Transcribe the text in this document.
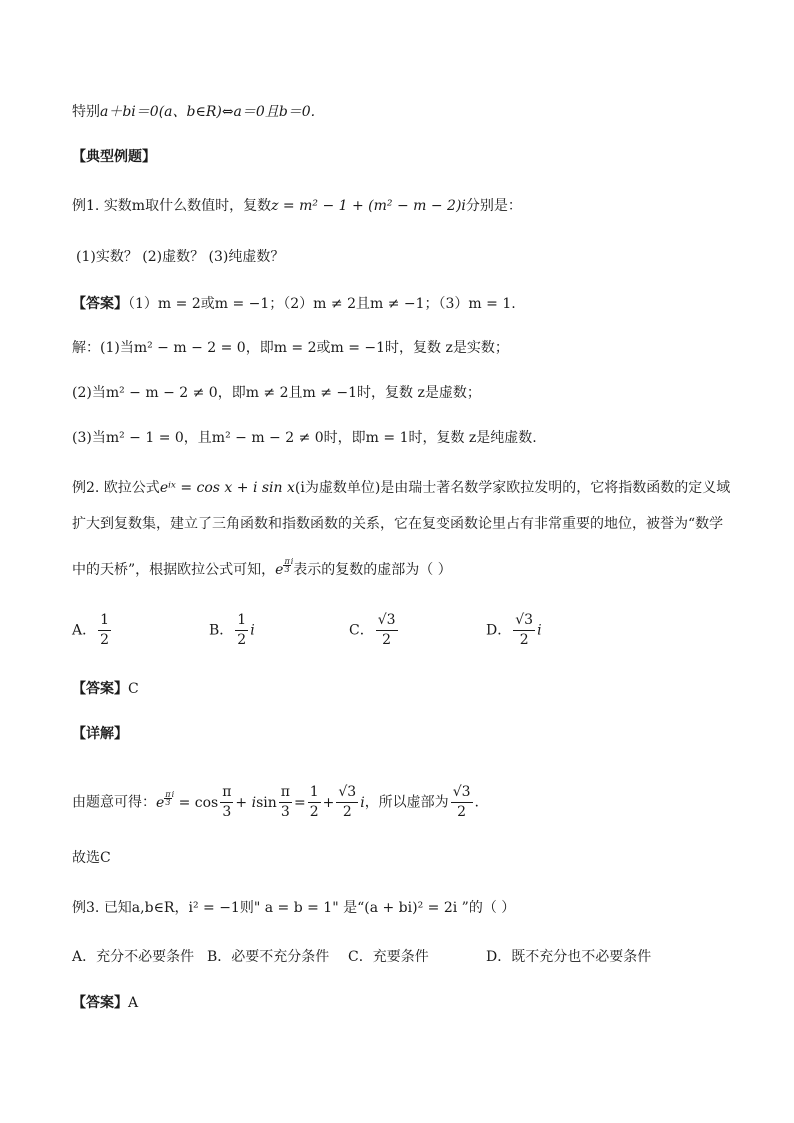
特别a＋bi＝0(a、b∈R)⇔a＝0且b＝0.
【典型例题】
例1. 实数m取什么数值时，复数z = m² − 1 + (m² − m − 2)i分别是：
(1)实数？ (2)虚数？ (3)纯虚数？
【答案】（1）m = 2或m = −1；（2）m ≠ 2且m ≠ −1；（3）m = 1.
解：(1)当m² − m − 2 = 0，即m = 2或m = −1时，复数 z是实数；
(2)当m² − m − 2 ≠ 0，即m ≠ 2且m ≠ −1时，复数 z是虚数；
(3)当m² − 1 = 0，且m² − m − 2 ≠ 0时，即m = 1时，复数 z是纯虚数.
例2. 欧拉公式eⁱˣ = cos x + i sin x(i为虚数单位)是由瑞士著名数学家欧拉发明的，它将指数函数的定义域
扩大到复数集，建立了三角函数和指数函数的关系，它在复变函数论里占有非常重要的地位，被誉为“数学
中的天桥”，根据欧拉公式可知，e $\frac{\pi}{3} ^i$表示的复数的虚部为（ ）
A． $\frac{1}{2}$	B． $\frac{1}{2}$ i	C． $\frac{√3}{2}$	D． $\frac{√3}{2}$ i
【答案】C
【详解】
由题意可得：e $\frac{\pi}{3} ^i = \cos \frac{\pi}{3} + isin \frac{\pi}{3} = \frac{1}{2} + \frac{√3}{2}$ i，所以虚部为 $\frac{√3}{2}$ .
故选C
例3. 已知a,b∈R，i² = −1则" a = b = 1" 是“(a + bi)² = 2i ”的（ ）
A．充分不必要条件 B．必要不充分条件 C．充要条件	D．既不充分也不必要条件
【答案】A
